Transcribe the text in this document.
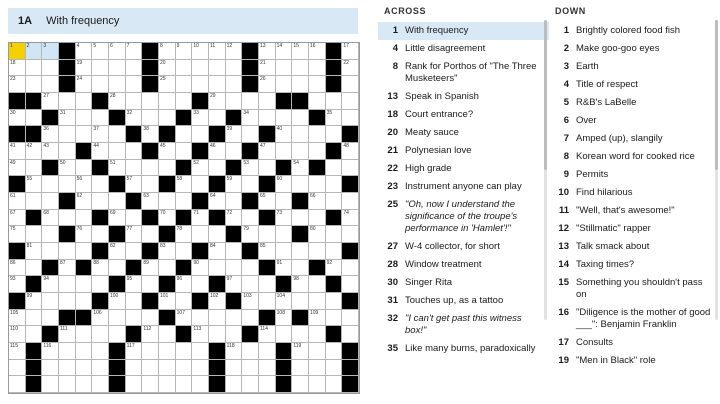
1A With frequency
1	2	3	4	5	6	7	8	9	10 11 12	13 14 15 16	17
18	19	20	21	22
23	24	25	26
27	28	29
30	31	32	33	34	35
36	37	38	39	40
41 42 43	44	45	46	47	48
49	50	51	52	53	54
55	56	57	58	59	60
61	62	63	64	65	66
67	68	69	70	71	72	73	74
75	76	77	78	79	80
81	82	83	84	85
86	87	88	89	90	91	92
93	94	95	96	97	98
99	100	101	102	103	104
105	106	107	108	109
110	111	112	113	114
115	116	117	118	119
ACROSS
1 With frequency
4 Little disagreement
8 Rank for Porthos of "The Three Musketeers"
13 Speak in Spanish
18 Court entrance?
20 Meaty sauce
21 Polynesian love
22 High grade
23 Instrument anyone can play
25 "Oh, now I understand the significance of the troupe's performance in 'Hamlet'!"
27 W-4 collector, for short
28 Window treatment
30 Singer Rita
31 Touches up, as a tattoo
32 "I can't get past this witness box!"
35 Like many burns, paradoxically
DOWN
1 Brightly colored food fish
2 Make goo-goo eyes
3 Earth
4 Title of respect
5 R&B's LaBelle
6 Over
7 Amped (up), slangily
8 Korean word for cooked rice
9 Permits
10 Find hilarious
11 "Well, that's awesome!"
12 "Stillmatic" rapper
13 Talk smack about
14 Taxing times?
15 Something you shouldn't pass on
16 "Diligence is the mother of good ___": Benjamin Franklin
17 Consults
19 "Men in Black" role
